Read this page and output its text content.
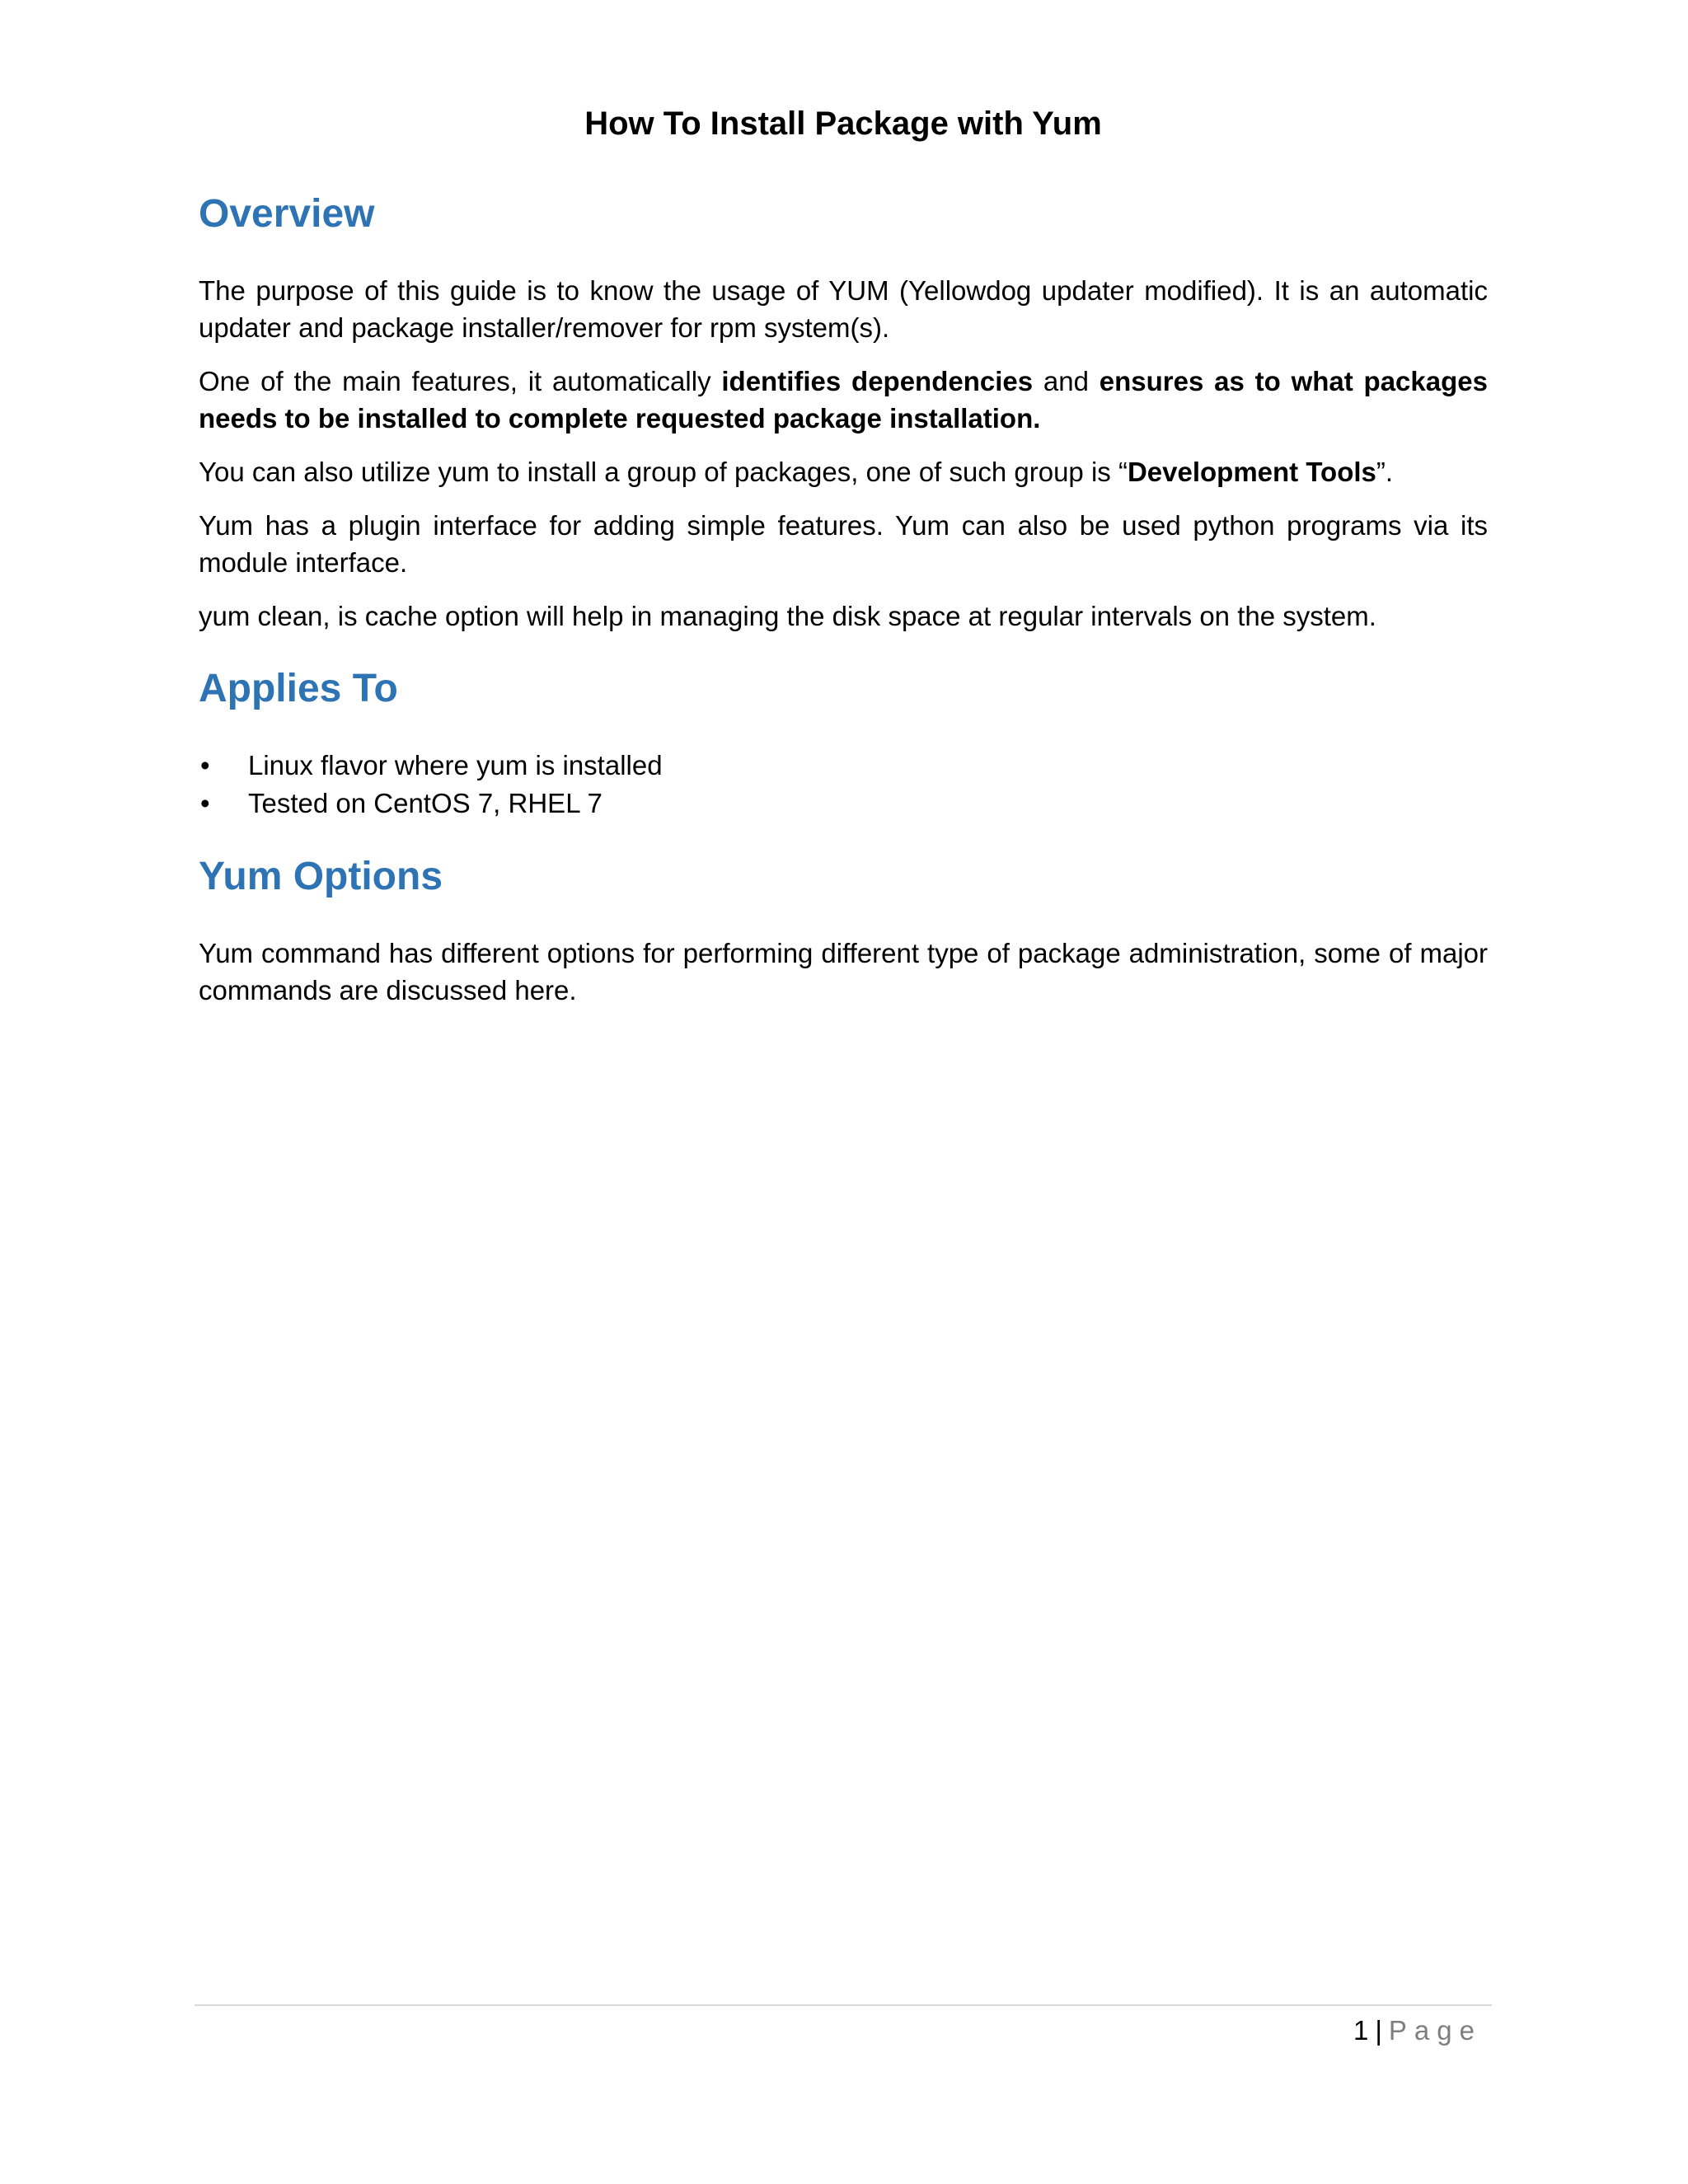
How To Install Package with Yum
Overview

The purpose of this guide is to know the usage of YUM (Yellowdog updater modified). It is an automatic updater and package installer/remover for rpm system(s).

One of the main features, it automatically identifies dependencies and ensures as to what packages needs to be installed to complete requested package installation.

You can also utilize yum to install a group of packages, one of such group is “Development Tools”.

Yum has a plugin interface for adding simple features. Yum can also be used python programs via its module interface.

yum clean, is cache option will help in managing the disk space at regular intervals on the system.

Applies To
• Linux flavor where yum is installed
• Tested on CentOS 7, RHEL 7
Yum Options

Yum command has different options for performing different type of package administration, some of major commands are discussed here.

1 | Page
